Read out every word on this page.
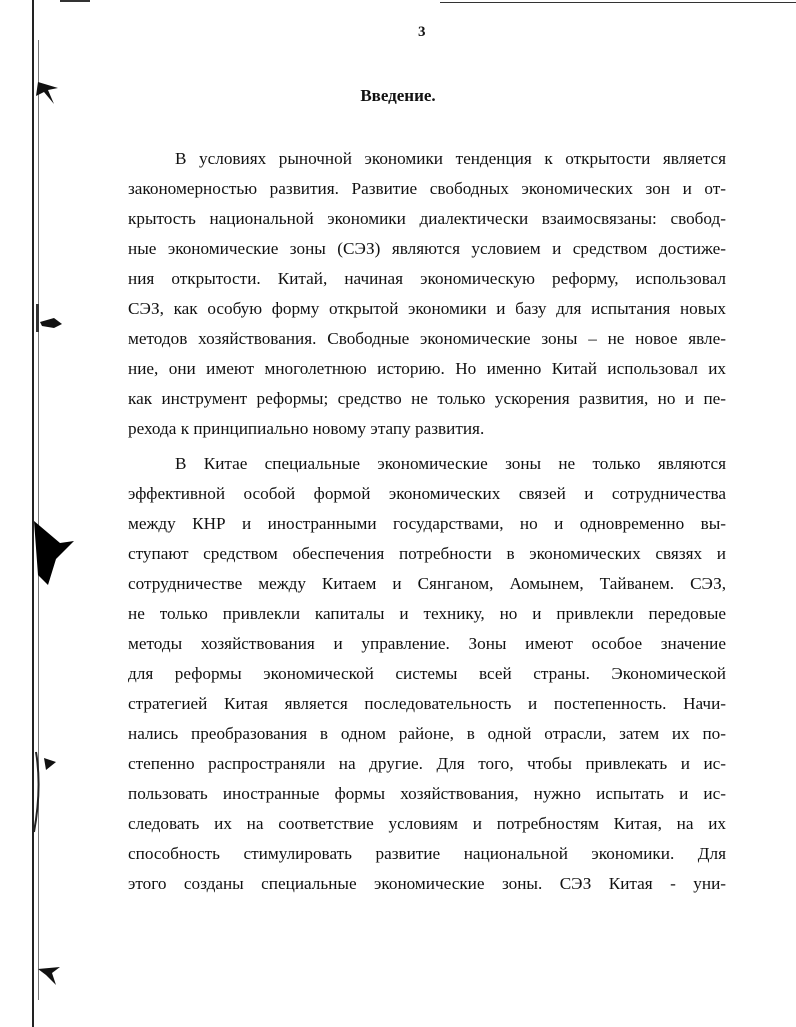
3
Введение.
В условиях рыночной экономики тенденция к открытости является
закономерностью развития. Развитие свободных экономических зон и от-
крытость национальной экономики диалектически взаимосвязаны: свобод-
ные экономические зоны (СЭЗ) являются условием и средством достиже-
ния открытости. Китай, начиная экономическую реформу, использовал
СЭЗ, как особую форму открытой экономики и базу для испытания новых
методов хозяйствования. Свободные экономические зоны – не новое явле-
ние, они имеют многолетнюю историю. Но именно Китай использовал их
как инструмент реформы; средство не только ускорения развития, но и пе-
рехода к принципиально новому этапу развития.
В Китае специальные экономические зоны не только являются
эффективной особой формой экономических связей и сотрудничества
между КНР и иностранными государствами, но и одновременно вы-
ступают средством обеспечения потребности в экономических связях и
сотрудничестве между Китаем и Сянганом, Аомынем, Тайванем. СЭЗ,
не только привлекли капиталы и технику, но и привлекли передовые
методы хозяйствования и управление. Зоны имеют особое значение
для реформы экономической системы всей страны. Экономической
стратегией Китая является последовательность и постепенность. Начи-
нались преобразования в одном районе, в одной отрасли, затем их по-
степенно распространяли на другие. Для того, чтобы привлекать и ис-
пользовать иностранные формы хозяйствования, нужно испытать и ис-
следовать их на соответствие условиям и потребностям Китая, на их
способность стимулировать развитие национальной экономики. Для
этого созданы специальные экономические зоны. СЭЗ Китая - уни-
